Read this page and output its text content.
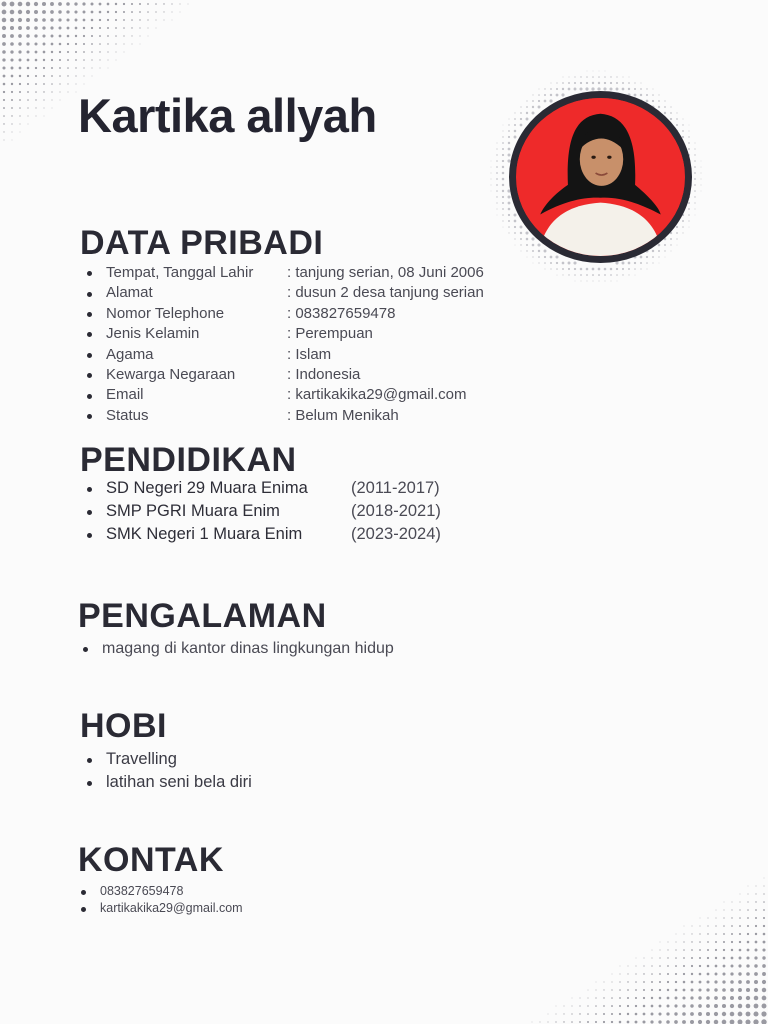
Kartika allyah
DATA PRIBADI
Tempat, Tanggal Lahir : tanjung serian, 08 Juni 2006
Alamat	: dusun 2 desa tanjung serian
Nomor Telephone	: 083827659478
Jenis Kelamin	: Perempuan
Agama	: Islam
Kewarga Negaraan	: Indonesia
Email	: kartikakika29@gmail.com
Status	: Belum Menikah
PENDIDIKAN
SD Negeri 29 Muara Enima	(2011-2017)
SMP PGRI Muara Enim	(2018-2021)
SMK Negeri 1 Muara Enim	(2023-2024)
PENGALAMAN
magang di kantor dinas lingkungan hidup
HOBI
Travelling
latihan seni bela diri
KONTAK
083827659478
kartikakika29@gmail.com
